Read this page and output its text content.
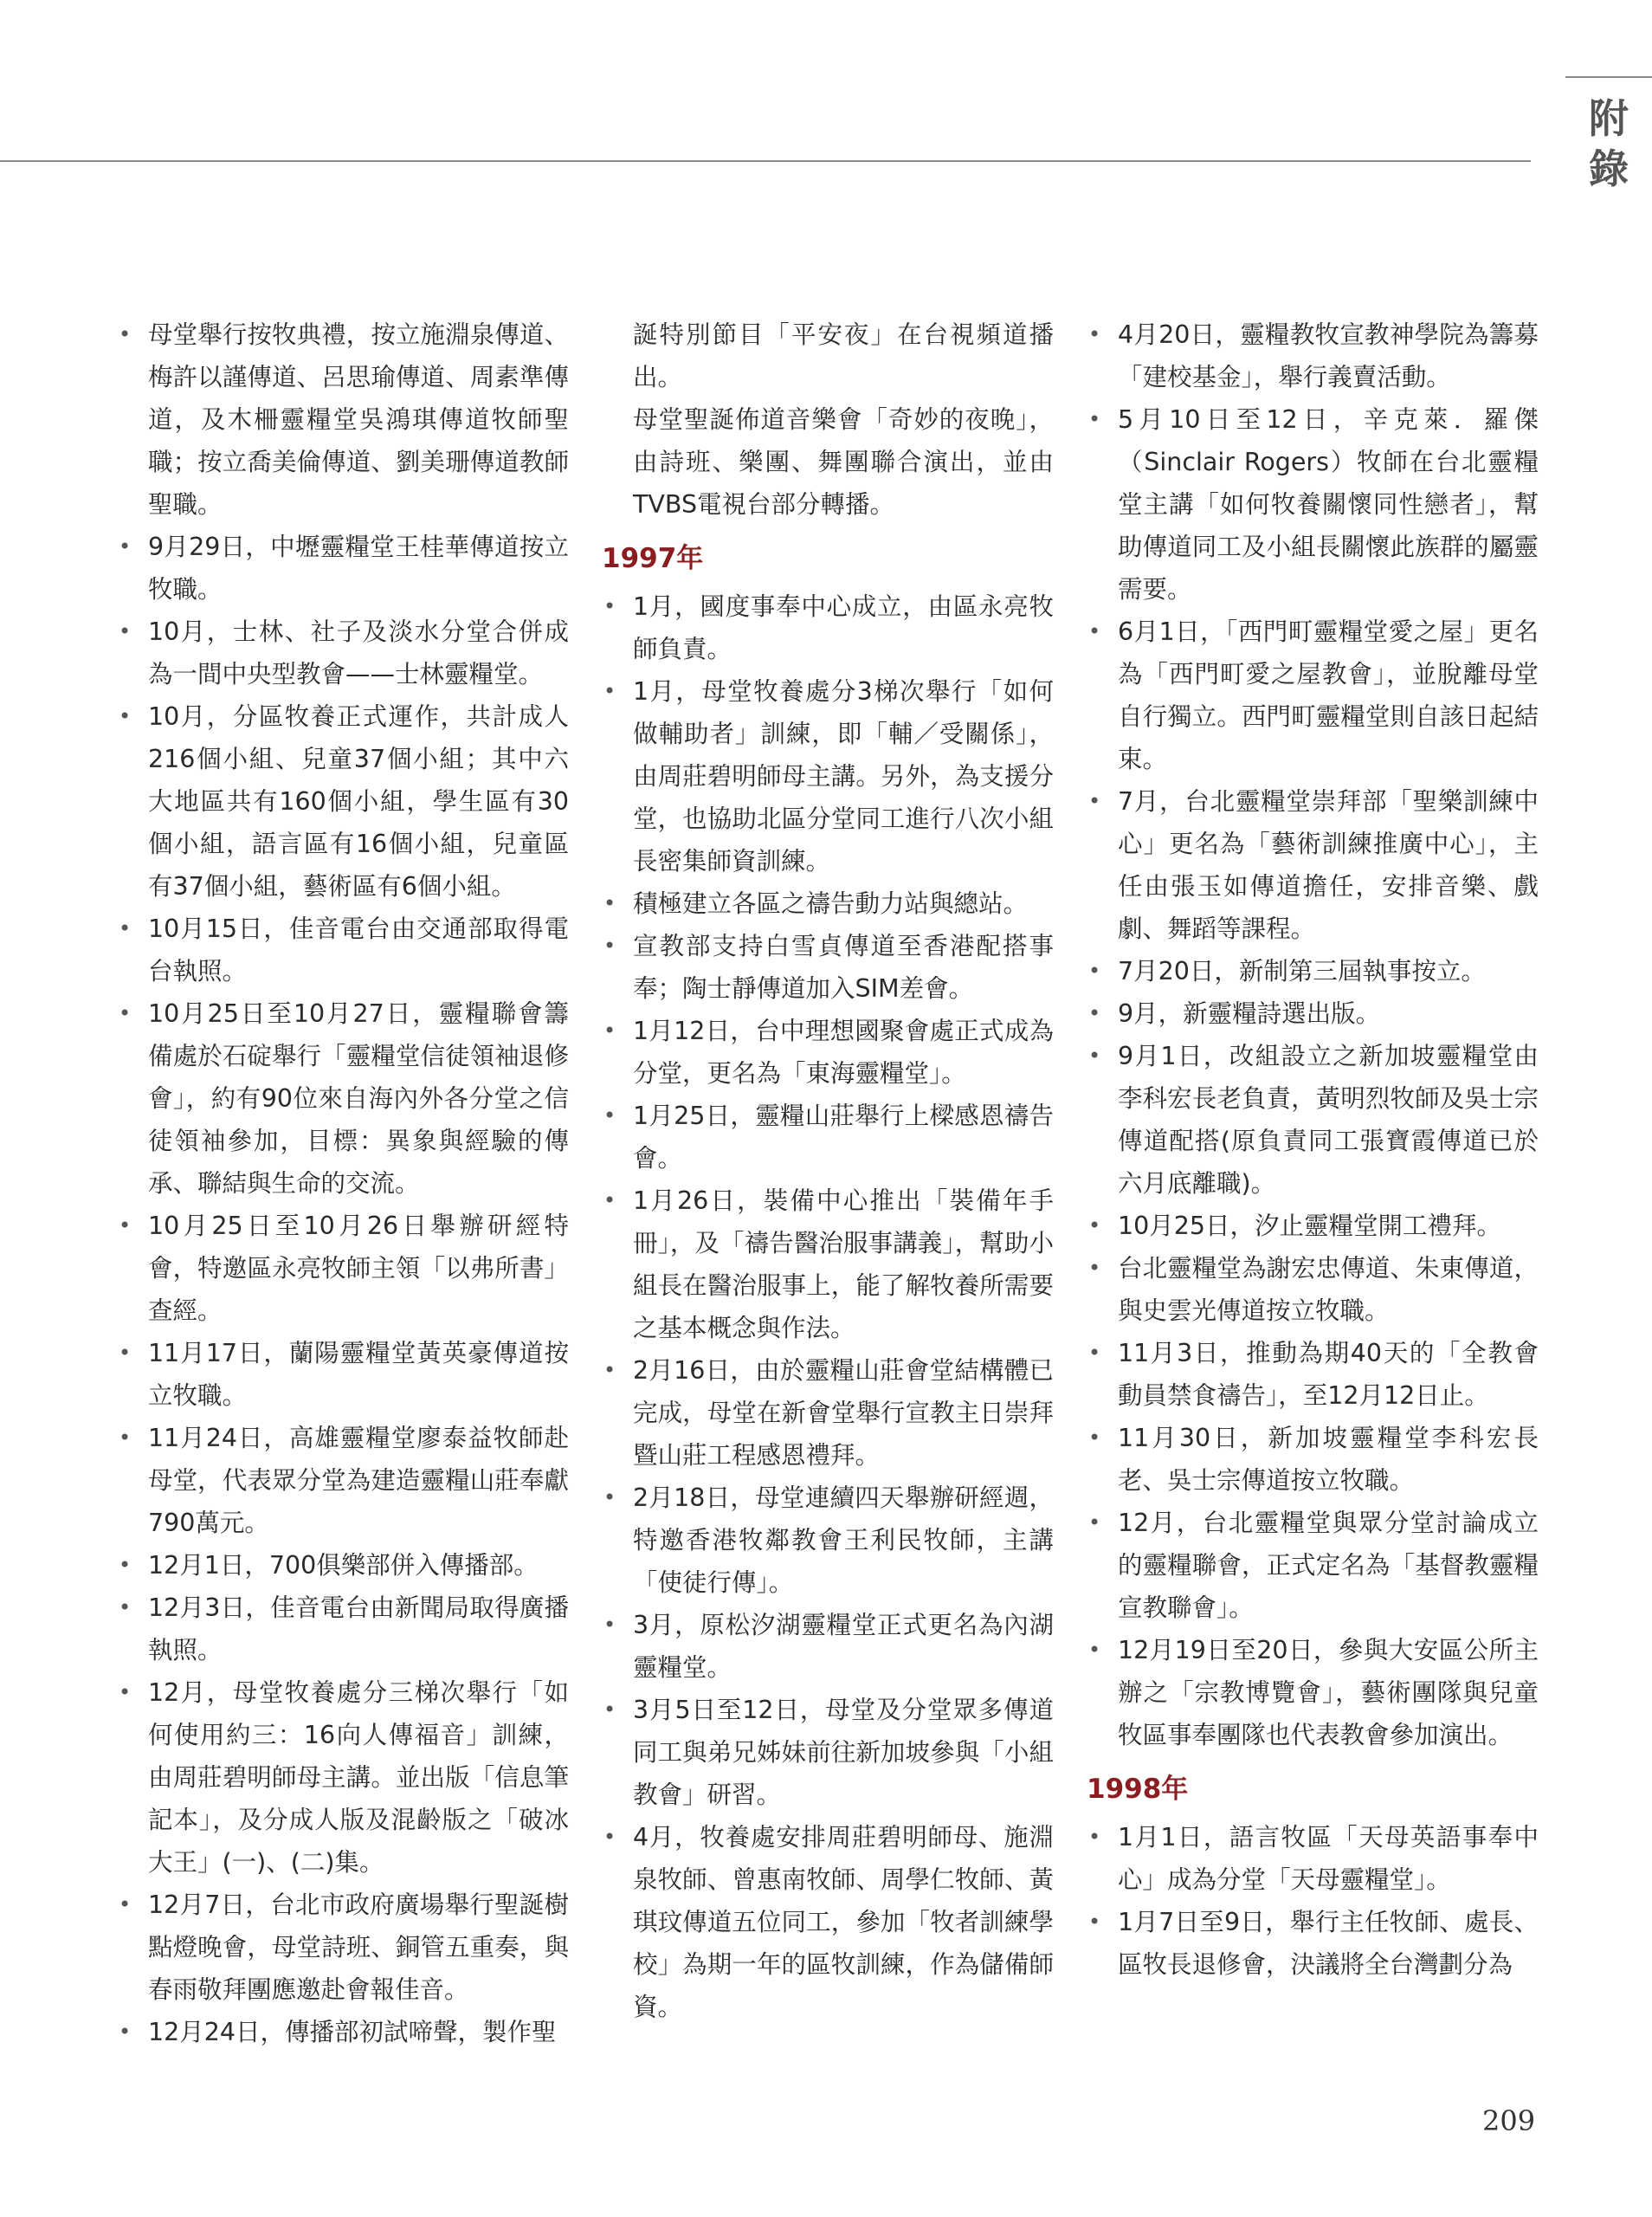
附
錄
• 母堂舉行按牧典禮，按立施淵泉傳道、梅許以謹傳道、呂思瑜傳道、周素準傳道，及木柵靈糧堂吳鴻琪傳道牧師聖職；按立喬美倫傳道、劉美珊傳道教師聖職。
• 9月29日，中壢靈糧堂王桂華傳道按立牧職。
• 10月，士林、社子及淡水分堂合併成為一間中央型教會——士林靈糧堂。
• 10月，分區牧養正式運作，共計成人216個小組、兒童37個小組；其中六大地區共有160個小組，學生區有30個小組，語言區有16個小組，兒童區有37個小組，藝術區有6個小組。
• 10月15日，佳音電台由交通部取得電台執照。
• 10月25日至10月27日，靈糧聯會籌備處於石碇舉行「靈糧堂信徒領袖退修會」，約有90位來自海內外各分堂之信徒領袖參加，目標：異象與經驗的傳承、聯結與生命的交流。
• 10月25日至10月26日舉辦研經特會，特邀區永亮牧師主領「以弗所書」查經。
• 11月17日，蘭陽靈糧堂黃英豪傳道按立牧職。
• 11月24日，高雄靈糧堂廖泰益牧師赴母堂，代表眾分堂為建造靈糧山莊奉獻790萬元。
• 12月1日，700俱樂部併入傳播部。
• 12月3日，佳音電台由新聞局取得廣播執照。
• 12月，母堂牧養處分三梯次舉行「如何使用約三：16向人傳福音」訓練，由周莊碧明師母主講。並出版「信息筆記本」，及分成人版及混齡版之「破冰大王」(一)、(二)集。
• 12月7日，台北市政府廣場舉行聖誕樹點燈晚會，母堂詩班、銅管五重奏，與春雨敬拜團應邀赴會報佳音。
• 12月24日，傳播部初試啼聲，製作聖
誕特別節目「平安夜」在台視頻道播出。
母堂聖誕佈道音樂會「奇妙的夜晚」，由詩班、樂團、舞團聯合演出，並由TVBS電視台部分轉播。
1997年
• 1月，國度事奉中心成立，由區永亮牧師負責。
• 1月，母堂牧養處分3梯次舉行「如何做輔助者」訓練，即「輔／受關係」，由周莊碧明師母主講。另外，為支援分堂，也協助北區分堂同工進行八次小組長密集師資訓練。
• 積極建立各區之禱告動力站與總站。
• 宣教部支持白雪貞傳道至香港配搭事奉；陶士靜傳道加入SIM差會。
• 1月12日，台中理想國聚會處正式成為分堂，更名為「東海靈糧堂」。
• 1月25日，靈糧山莊舉行上樑感恩禱告會。
• 1月26日，裝備中心推出「裝備年手冊」，及「禱告醫治服事講義」，幫助小組長在醫治服事上，能了解牧養所需要之基本概念與作法。
• 2月16日，由於靈糧山莊會堂結構體已完成，母堂在新會堂舉行宣教主日崇拜暨山莊工程感恩禮拜。
• 2月18日，母堂連續四天舉辦研經週，特邀香港牧鄰教會王利民牧師，主講「使徒行傳」。
• 3月，原松汐湖靈糧堂正式更名為內湖靈糧堂。
• 3月5日至12日，母堂及分堂眾多傳道同工與弟兄姊妹前往新加坡參與「小組教會」研習。
• 4月，牧養處安排周莊碧明師母、施淵泉牧師、曾惠南牧師、周學仁牧師、黃琪玟傳道五位同工，參加「牧者訓練學校」為期一年的區牧訓練，作為儲備師資。
• 4月20日，靈糧教牧宣教神學院為籌募「建校基金」，舉行義賣活動。
• 5月10日至12日，辛克萊．羅傑（Sinclair Rogers）牧師在台北靈糧堂主講「如何牧養關懷同性戀者」，幫助傳道同工及小組長關懷此族群的屬靈需要。
• 6月1日，「西門町靈糧堂愛之屋」更名為「西門町愛之屋教會」，並脫離母堂自行獨立。西門町靈糧堂則自該日起結束。
• 7月，台北靈糧堂崇拜部「聖樂訓練中心」更名為「藝術訓練推廣中心」，主任由張玉如傳道擔任，安排音樂、戲劇、舞蹈等課程。
• 7月20日，新制第三屆執事按立。
• 9月，新靈糧詩選出版。
• 9月1日，改組設立之新加坡靈糧堂由李科宏長老負責，黃明烈牧師及吳士宗傳道配搭(原負責同工張寶霞傳道已於六月底離職)。
• 10月25日，汐止靈糧堂開工禮拜。
• 台北靈糧堂為謝宏忠傳道、朱東傳道，與史雲光傳道按立牧職。
• 11月3日，推動為期40天的「全教會動員禁食禱告」，至12月12日止。
• 11月30日，新加坡靈糧堂李科宏長老、吳士宗傳道按立牧職。
• 12月，台北靈糧堂與眾分堂討論成立的靈糧聯會，正式定名為「基督教靈糧宣教聯會」。
• 12月19日至20日，參與大安區公所主辦之「宗教博覽會」，藝術團隊與兒童牧區事奉團隊也代表教會參加演出。
1998年
• 1月1日，語言牧區「天母英語事奉中心」成為分堂「天母靈糧堂」。
• 1月7日至9日，舉行主任牧師、處長、區牧長退修會，決議將全台灣劃分為
209
